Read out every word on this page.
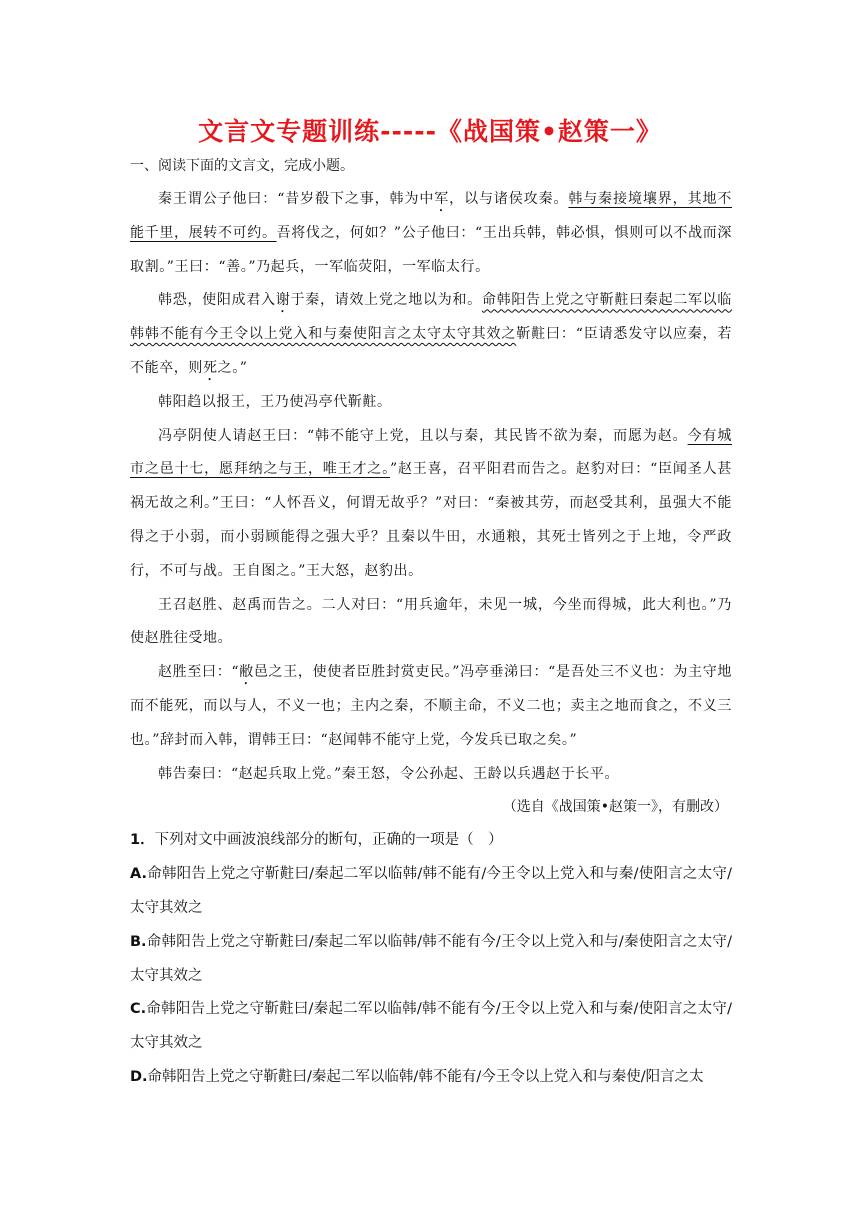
文言文专题训练-----《战国策•赵策一》

一、阅读下面的文言文，完成小题。

秦王谓公子他曰：“昔岁殽下之事，韩为中军，以与诸侯攻秦。韩与秦接境壤界，其地不能千里，展转不可约。吾将伐之，何如？”公子他曰：“王出兵韩，韩必惧，惧则可以不战而深取割。”王曰：“善。”乃起兵，一军临荧阳，一军临太行。

韩恐，使阳成君入谢于秦，请效上党之地以为和。命韩阳告上党之守靳黈曰秦起二军以临韩韩不能有今王令以上党入和与秦使阳言之太守太守其效之靳黈曰：“臣请悉发守以应秦，若不能卒，则死之。”

韩阳趋以报王，王乃使冯亭代靳黈。

冯亭阴使人请赵王曰：“韩不能守上党，且以与秦，其民皆不欲为秦，而愿为赵。今有城市之邑十七，愿拜纳之与王，唯王才之。”赵王喜，召平阳君而告之。赵豹对曰：“臣闻圣人甚祸无故之利。”王曰：“人怀吾义，何谓无故乎？”对曰：“秦被其劳，而赵受其利，虽强大不能得之于小弱，而小弱顾能得之强大乎？且秦以牛田，水通粮，其死士皆列之于上地，令严政行，不可与战。王自图之。”王大怒，赵豹出。

王召赵胜、赵禹而告之。二人对曰：“用兵逾年，未见一城，今坐而得城，此大利也。”乃使赵胜往受地。

赵胜至曰：“敝邑之王，使使者臣胜封赏吏民。”冯亭垂涕曰：“是吾处三不义也：为主守地而不能死，而以与人，不义一也；主内之秦，不顺主命，不义二也；卖主之地而食之，不义三也。”辞封而入韩，谓韩王曰：“赵闻韩不能守上党，今发兵已取之矣。”

韩告秦曰：“赵起兵取上党。”秦王怒，令公孙起、王龄以兵遇赵于长平。

（选自《战国策•赵策一》，有删改）

1．下列对文中画波浪线部分的断句，正确的一项是（　）

A.命韩阳告上党之守靳黈曰/秦起二军以临韩/韩不能有/今王令以上党入和与秦/使阳言之太守/太守其效之

B.命韩阳告上党之守靳黈曰/秦起二军以临韩/韩不能有今/王令以上党入和与/秦使阳言之太守/太守其效之

C.命韩阳告上党之守靳黈曰/秦起二军以临韩/韩不能有今/王令以上党入和与秦/使阳言之太守/太守其效之

D.命韩阳告上党之守靳黈曰/秦起二军以临韩/韩不能有/今王令以上党入和与秦使/阳言之太
